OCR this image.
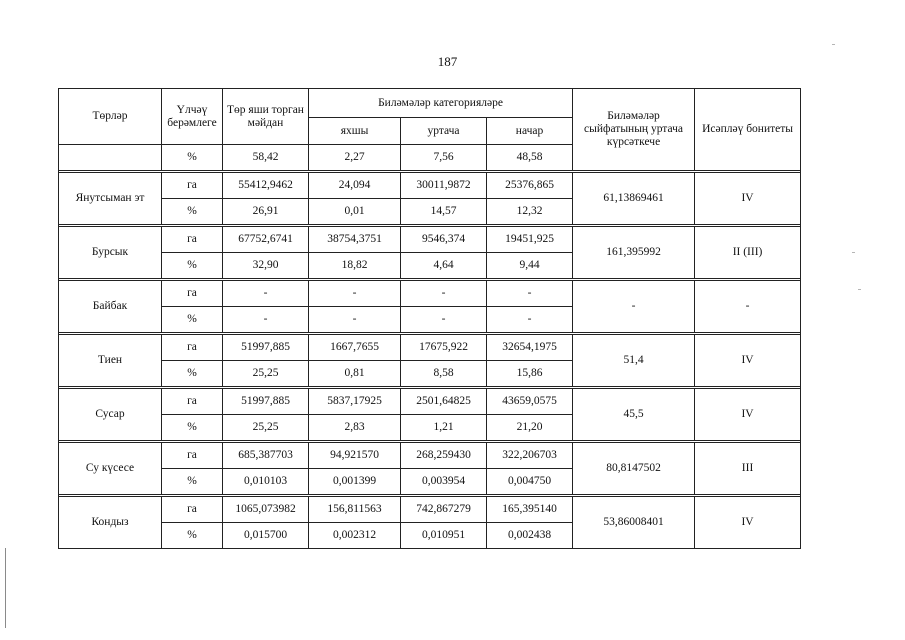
187
Төрләр	Үлчәү берәмлеге	Төр яши торган мәйдан	Биләмәләр категорияләре			Биләмәләр сыйфатының уртача күрсәткече	Исәпләү бонитеты
			яхшы	уртача	начар		
	%	58,42	2,27	7,56	48,58		

Янутсыман эт	га	55412,9462	24,094	30011,9872	25376,865	61,13869461	IV
	%	26,91	0,01	14,57	12,32		

Бурсык	га	67752,6741	38754,3751	9546,374	19451,925	161,395992	II (III)
	%	32,90	18,82	4,64	9,44		

Байбак	га	-	-	-	-	-	-
	%	-	-	-	-		

Тиен	га	51997,885	1667,7655	17675,922	32654,1975	51,4	IV
	%	25,25	0,81	8,58	15,86		

Сусар	га	51997,885	5837,17925	2501,64825	43659,0575	45,5	IV
	%	25,25	2,83	1,21	21,20		

Су күсесе	га	685,387703	94,921570	268,259430	322,206703	80,8147502	III
	%	0,010103	0,001399	0,003954	0,004750		

Кондыз	га	1065,073982	156,811563	742,867279	165,395140	53,86008401	IV
	%	0,015700	0,002312	0,010951	0,002438		
